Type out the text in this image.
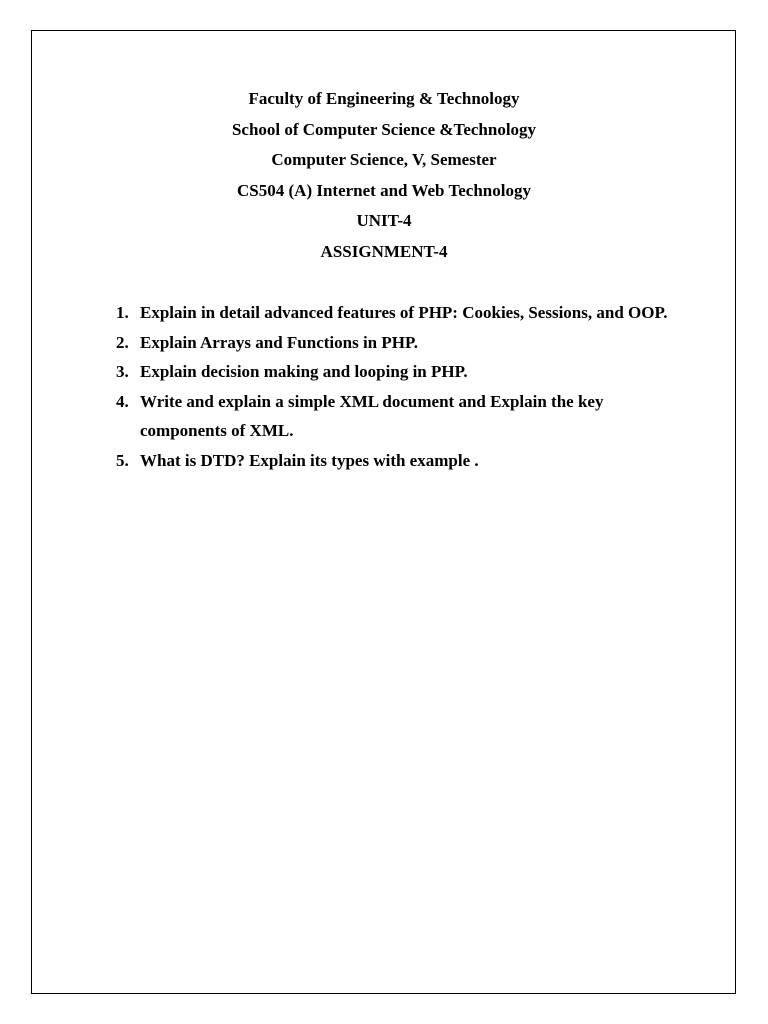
Faculty of Engineering & Technology
School of Computer Science &Technology
Computer Science, V, Semester
CS504 (A) Internet and Web Technology
UNIT-4
ASSIGNMENT-4
1. Explain in detail advanced features of PHP: Cookies, Sessions, and OOP.
2. Explain Arrays and Functions in PHP.
3. Explain decision making and looping in PHP.
4. Write and explain a simple XML document and Explain the key components of XML.
5. What is DTD? Explain its types with example .
